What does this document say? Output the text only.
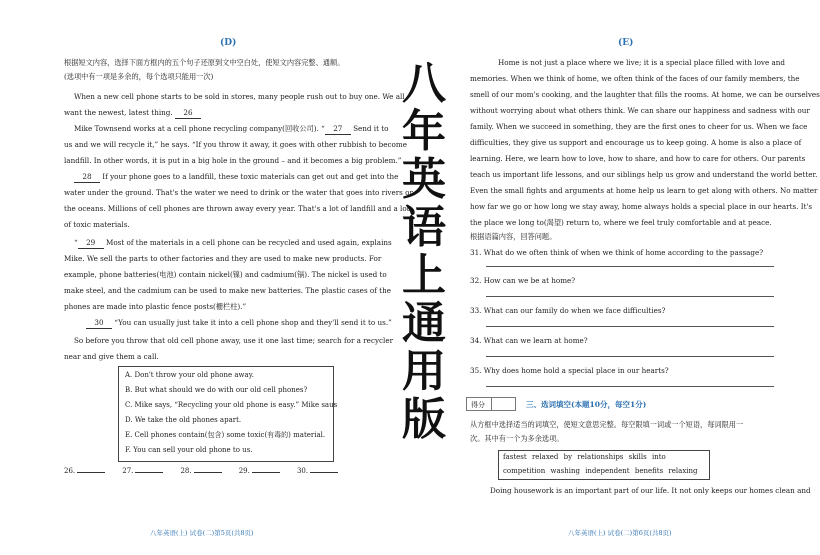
(D)

根据短文内容，选择下面方框内的五个句子还原到文中空白处，使短文内容完整、通顺。

(选项中有一项是多余的，每个选项只能用一次)

When a new cell phone starts to be sold in stores, many people rush out to buy one. We all

want the newest, latest thing. 26

Mike Townsend works at a cell phone recycling company(回收公司). “ 27 Send it to

us and we will recycle it,” he says. “If you throw it away, it goes with other rubbish to become

landfill. In other words, it is put in a big hole in the ground – and it becomes a big problem.”

28 If your phone goes to a landfill, these toxic materials can get out and get into the

water under the ground. That's the water we need to drink or the water that goes into rivers or

the oceans. Millions of cell phones are thrown away every year. That's a lot of landfill and a lot

of toxic materials.

“ 29 Most of the materials in a cell phone can be recycled and used again, explains

Mike. We sell the parts to other factories and they are used to make new products. For

example, phone batteries(电池) contain nickel(镍) and cadmium(镉). The nickel is used to

make steel, and the cadmium can be used to make new batteries. The plastic cases of the

phones are made into plastic fence posts(栅栏柱).”

30 “You can usually just take it into a cell phone shop and they'll send it to us.”

So before you throw that old cell phone away, use it one last time; search for a recycler

near and give them a call.

A. Don't throw your old phone away.

B. But what should we do with our old cell phones?

C. Mike says, “Recycling your old phone is easy.” Mike saus

D. We take the old phones apart.

E. Cell phones contain(包含) some toxic(有毒的) material.

F. You can sell your old phone to us.

26.	27.	28.	29.	30.
八年英语(上) 试卷(二)第5页(共8页)
八
年
英
语
上
通
用
版
(E)

Home is not just a place where we live; it is a special place filled with love and

memories. When we think of home, we often think of the faces of our family members, the

smell of our mom's cooking, and the laughter that fills the rooms. At home, we can be ourselves

without worrying about what others think. We can share our happiness and sadness with our

family. When we succeed in something, they are the first ones to cheer for us. When we face

difficulties, they give us support and encourage us to keep going. A home is also a place of

learning. Here, we learn how to love, how to share, and how to care for others. Our parents

teach us important life lessons, and our siblings help us grow and understand the world better.

Even the small fights and arguments at home help us learn to get along with others. No matter

how far we go or how long we stay away, home always holds a special place in our hearts. It's

the place we long to(渴望) return to, where we feel truly comfortable and at peace.

根据语篇内容，回答问题。

31. What do we often think of when we think of home according to the passage?
32. How can we be at home?
33. What can our family do when we face difficulties?
34. What can we learn at home?
35. Why does home hold a special place in our hearts?
得分	三、选词填空(本题10分，每空1分)

从方框中选择适当的词填空，使短文意思完整。每空限填一词或一个短语，每词限用一

次。其中有一个为多余选项。

fastest relaxed by relationships skills into
competition washing independent benefits relaxing

Doing housework is an important part of our life. It not only keeps our homes clean and

八年英语(上) 试卷(二)第6页(共8页)
